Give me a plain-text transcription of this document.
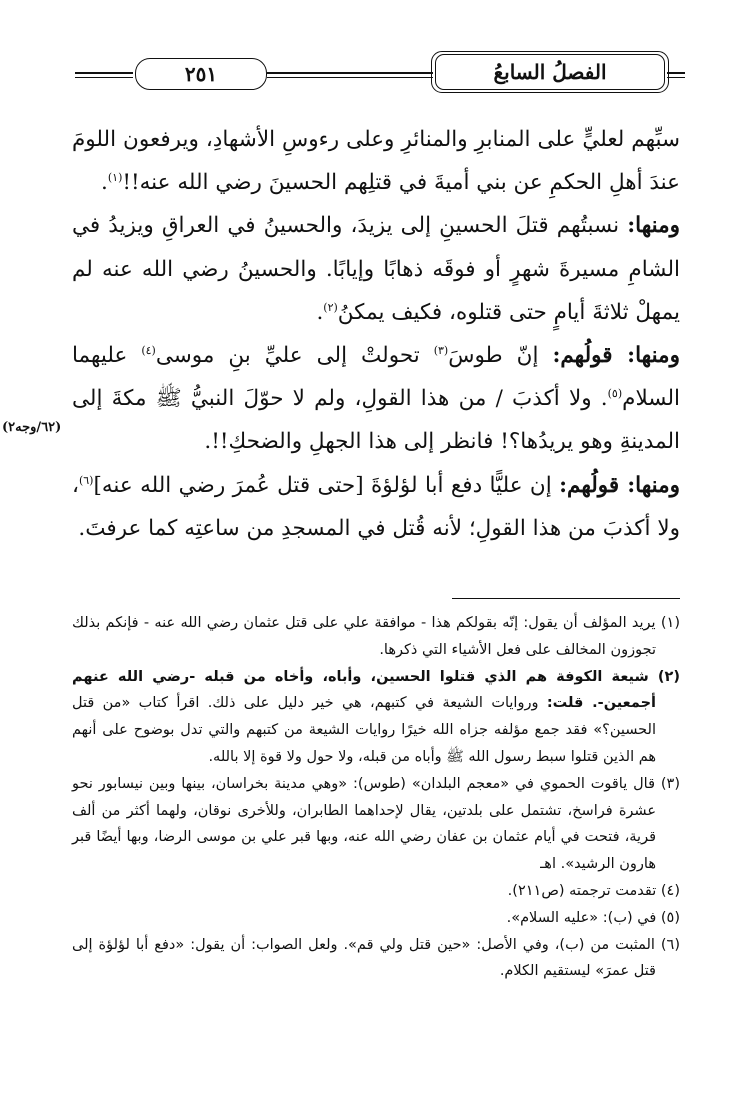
٢٥١	الفصلُ السابعُ

سبِّهم لعليٍّ على المنابرِ والمنائرِ وعلى رءوسِ الأشهادِ، ويرفعون اللومَ عندَ أهلِ الحكمِ عن بني أميةَ في قتلِهم الحسينَ رضي الله عنه!!$^{(١)}$.

ومنها: نسبتُهم قتلَ الحسينِ إلى يزيدَ، والحسينُ في العراقِ ويزيدُ في الشامِ مسيرةَ شهرٍ أو فوقَه ذهابًا وإيابًا. والحسينُ رضي الله عنه لم يمهلْ ثلاثةَ أيامٍ حتى قتلوه، فكيف يمكنُ$^{(٢)}$.

ومنها: قولُهم: إنّ طوسَ$^{(٣)}$ تحولتْ إلى عليِّ بنِ موسى$^{(٤)}$ عليهما السلام$^{(٥)}$. ولا أكذبَ / من هذا القولِ، ولم لا حوّلَ النبيُّ ﷺ مكةَ إلى المدينةِ وهو يريدُها؟! فانظر إلى هذا الجهلِ والضحكِ!!.

ومنها: قولُهم: إن عليًّا دفع أبا لؤلؤةَ [حتى قتل عُمرَ رضي الله عنه]$^{(٦)}$، ولا أكذبَ من هذا القولِ؛ لأنه قُتل في المسجدِ من ساعتِه كما عرفتَ.

(٦٢/وجه٢)

(١) يريد المؤلف أن يقول: إنّه بقولكم هذا - موافقة علي على قتل عثمان رضي الله عنه - فإنكم بذلك تجوزون المخالف على فعل الأشياء التي ذكرها.

(٢) شيعة الكوفة هم الذي قتلوا الحسين، وأباه، وأخاه من قبله -رضي الله عنهم أجمعين-. قلت: وروايات الشيعة في كتبهم، هي خير دليل على ذلك. اقرأ كتاب «من قتل الحسين؟» فقد جمع مؤلفه جزاه الله خيرًا روايات الشيعة من كتبهم والتي تدل بوضوح على أنهم هم الذين قتلوا سبط رسول الله ﷺ وأباه من قبله، ولا حول ولا قوة إلا بالله.

(٣) قال ياقوت الحموي في «معجم البلدان» (طوس): «وهي مدينة بخراسان، بينها وبين نيسابور نحو عشرة فراسخ، تشتمل على بلدتين، يقال لإحداهما الطابران، وللأخرى نوقان، ولهما أكثر من ألف قرية، فتحت في أيام عثمان بن عفان رضي الله عنه، وبها قبر علي بن موسى الرضا، وبها أيضًا قبر هارون الرشيد». اهـ

(٤) تقدمت ترجمته (ص٢١١).

(٥) في (ب): «عليه السلام».

(٦) المثبت من (ب)، وفي الأصل: «حين قتل ولي قم». ولعل الصواب: أن يقول: «دفع أبا لؤلؤة إلى قتل عمرَ» ليستقيم الكلام.
